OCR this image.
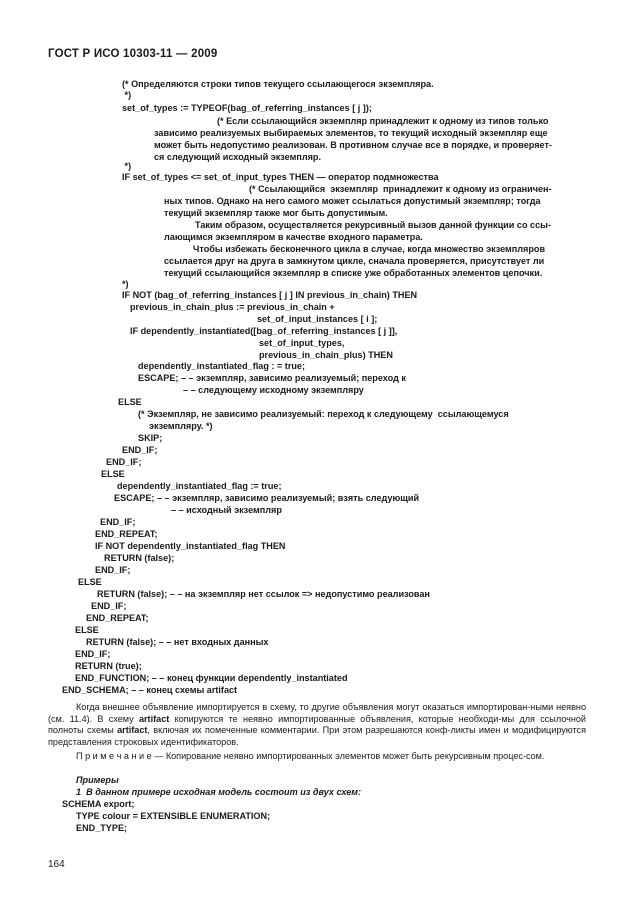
ГОСТ Р ИСО 10303-11 — 2009
(* Определяются строки типов текущего ссылающегося экземпляра.
*)
set_of_types := TYPEOF(bag_of_referring_instances [ j ]);
(* Если ссылающийся экземпляр принадлежит к одному из типов только
зависимо реализуемых выбираемых элементов, то текущий исходный экземпляр еще
может быть недопустимо реализован. В противном случае все в порядке, и проверяет-
ся следующий исходный экземпляр.
*)
IF set_of_types <= set_of_input_types THEN — оператор подмножества
(* Ссылающийся  экземпляр  принадлежит к одному из ограничен-
ных типов. Однако на него самого может ссылаться допустимый экземпляр; тогда
текущий экземпляр также мог быть допустимым.
Таким образом, осуществляется рекурсивный вызов данной функции со ссы-
лающимся экземпляром в качестве входного параметра.
Чтобы избежать бесконечного цикла в случае, когда множество экземпляров
ссылается друг на друга в замкнутом цикле, сначала проверяется, присутствует ли
текущий ссылающийся экземпляр в списке уже обработанных элементов цепочки.
*)
IF NOT (bag_of_referring_instances [ j ] IN previous_in_chain) THEN
previous_in_chain_plus := previous_in_chain +
set_of_input_instances [ i ];
IF dependently_instantiated([bag_of_referring_instances [ j ]],
set_of_input_types,
previous_in_chain_plus) THEN
dependently_instantiated_flag : = true;
ESCAPE; – – экземпляр, зависимо реализуемый; переход к
– – следующему исходному экземпляру
ELSE
(* Экземпляр, не зависимо реализуемый: переход к следующему  ссылающемуся
экземпляру. *)
SKIP;
END_IF;
END_IF;
ELSE
dependently_instantiated_flag := true;
ESCAPE; – – экземпляр, зависимо реализуемый; взять следующий
– – исходный экземпляр
END_IF;
END_REPEAT;
IF NOT dependently_instantiated_flag THEN
RETURN (false);
END_IF;
ELSE
RETURN (false); – – на экземпляр нет ссылок => недопустимо реализован
END_IF;
END_REPEAT;
ELSE
RETURN (false); – – нет входных данных
END_IF;
RETURN (true);
END_FUNCTION; – – конец функции dependently_instantiated
END_SCHEMA; – – конец схемы artifact

Когда внешнее объявление импортируется в схему, то другие объявления могут оказаться импортирован-ными неявно (см. 11.4). В схему artifact копируются те неявно импортированные объявления, которые необходи-мы для ссылочной полноты схемы artifact, включая их помеченные комментарии. При этом разрешаются конф-ликты имен и модифицируются представления строковых идентификаторов.

П р и м е ч а н и е — Копирование неявно импортированных элементов может быть рекурсивным процес-сом.

Примеры
1  В данном примере исходная модель состоит из двух схем:
SCHEMA export;
TYPE colour = EXTENSIBLE ENUMERATION;
END_TYPE;
164
